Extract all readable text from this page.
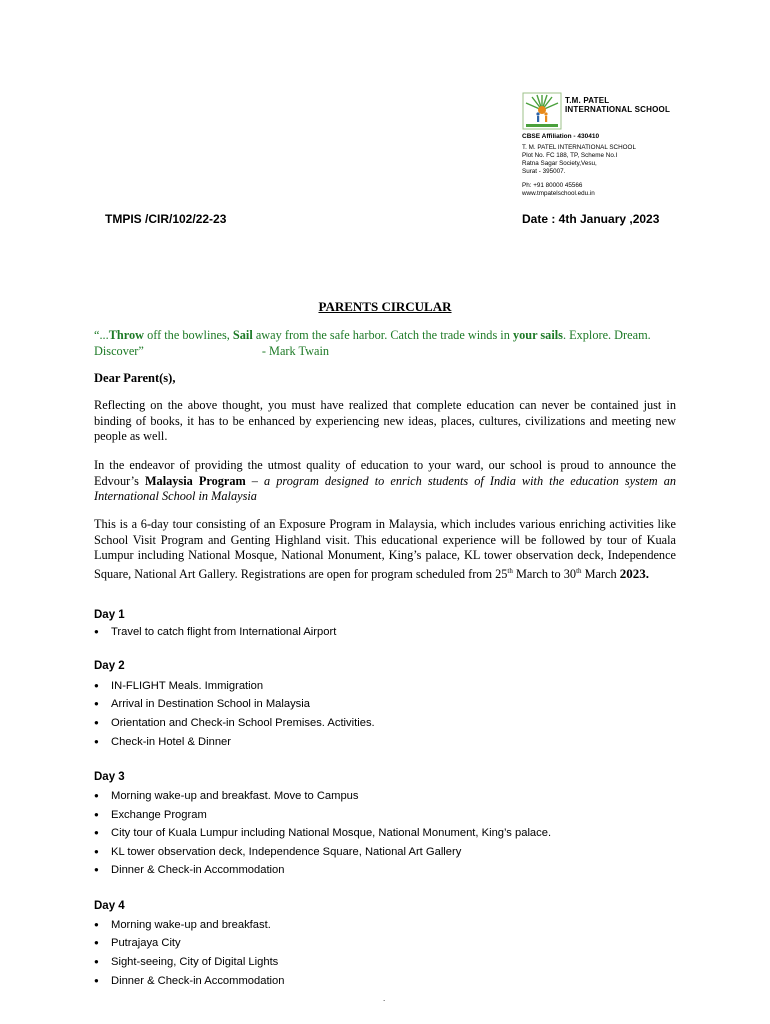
T.M. PATEL
INTERNATIONAL SCHOOL
CBSE Affiliation - 430410
T. M. PATEL INTERNATIONAL SCHOOL
Plot No. FC 188, TP, Scheme No.I
Ratna Sagar Society,Vesu,
Surat - 395007.
Ph: +91 80000 45566
www.tmpatelschool.edu.in
TMPIS /CIR/102/22-23	Date : 4th January ,2023
PARENTS CIRCULAR
“...Throw off the bowlines, Sail away from the safe harbor. Catch the trade winds in your sails. Explore. Dream. Discover”	- Mark Twain
Dear Parent(s),
Reflecting on the above thought, you must have realized that complete education can never be contained just in binding of books, it has to be enhanced by experiencing new ideas, places, cultures, civilizations and meeting new people as well.
In the endeavor of providing the utmost quality of education to your ward, our school is proud to announce the Edvour’s Malaysia Program – a program designed to enrich students of India with the education system an International School in Malaysia
This is a 6-day tour consisting of an Exposure Program in Malaysia, which includes various enriching activities like School Visit Program and Genting Highland visit. This educational experience will be followed by tour of Kuala Lumpur including National Mosque, National Monument, King’s palace, KL tower observation deck, Independence Square, National Art Gallery. Registrations are open for program scheduled from 25th March to 30th March 2023.
Day 1
● Travel to catch flight from International Airport
Day 2
● IN-FLIGHT Meals. Immigration
● Arrival in Destination School in Malaysia
● Orientation and Check-in School Premises. Activities.
● Check-in Hotel & Dinner
Day 3
● Morning wake-up and breakfast. Move to Campus
● Exchange Program
● City tour of Kuala Lumpur including National Mosque, National Monument, King’s palace.
● KL tower observation deck, Independence Square, National Art Gallery
● Dinner & Check-in Accommodation
Day 4
● Morning wake-up and breakfast.
● Putrajaya City
● Sight-seeing, City of Digital Lights
● Dinner & Check-in Accommodation
.
